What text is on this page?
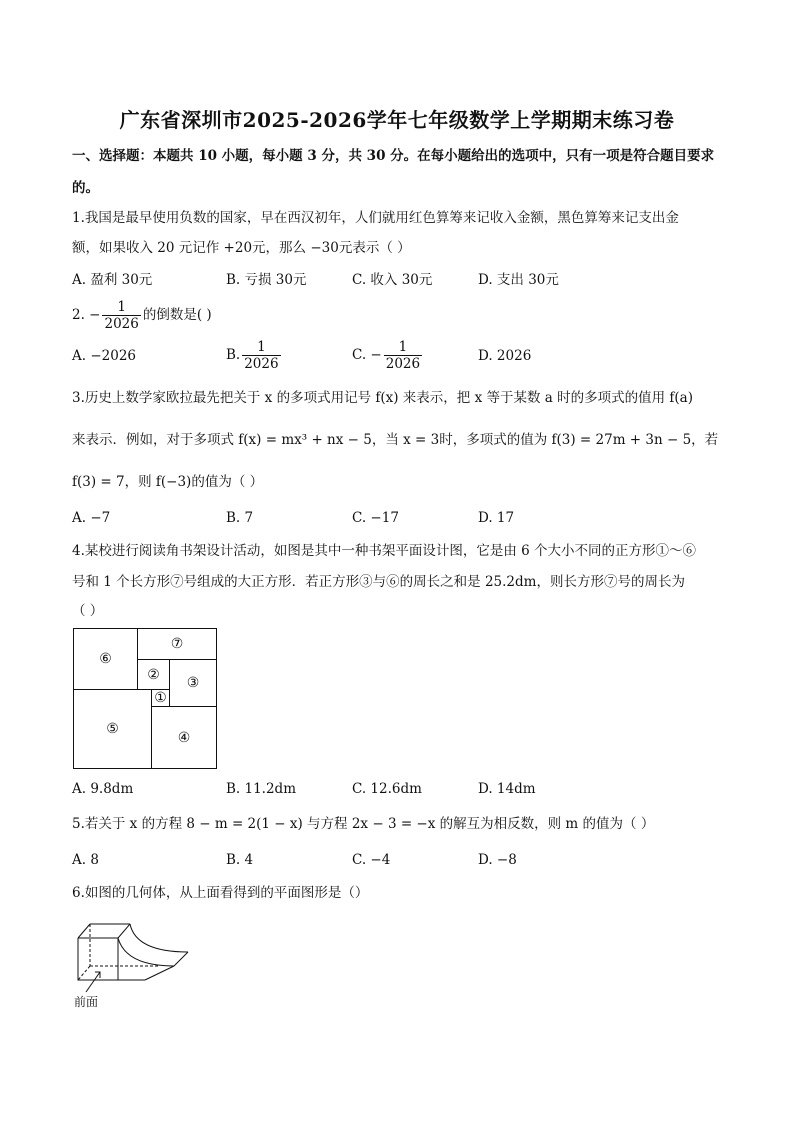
广东省深圳市2025-2026学年七年级数学上学期期末练习卷
一、选择题：本题共 10 小题，每小题 3 分，共 30 分。在每小题给出的选项中，只有一项是符合题目要求
的。
1.我国是最早使用负数的国家，早在西汉初年，人们就用红色算筹来记收入金额，黑色算筹来记支出金
额，如果收入 20 元记作 +20元，那么 −30元表示（ ）
A. 盈利 30元	B. 亏损 30元	C. 收入 30元	D. 支出 30元
2. − $\frac{1}{2026}$ 的倒数是( )
A. −2026	B. $\frac{1}{2026}$	C. − $\frac{1}{2026}$	D. 2026
3.历史上数学家欧拉最先把关于 x 的多项式用记号 f(x) 来表示，把 x 等于某数 a 时的多项式的值用 f(a)
来表示．例如，对于多项式 f(x) = mx³ + nx − 5，当 x = 3时，多项式的值为 f(3) = 27m + 3n − 5，若
f(3) = 7，则 f(−3)的值为（ ）
A. −7	B. 7	C. −17	D. 17
4.某校进行阅读角书架设计活动，如图是其中一种书架平面设计图，它是由 6 个大小不同的正方形①～⑥
号和 1 个长方形⑦号组成的大正方形．若正方形③与⑥的周长之和是 25.2dm，则长方形⑦号的周长为
（ ）
⑥
⑦
②
③
①
⑤
④
A. 9.8dm	B. 11.2dm	C. 12.6dm	D. 14dm
5.若关于 x 的方程 8 − m = 2(1 − x) 与方程 2x − 3 = −x 的解互为相反数，则 m 的值为（ ）
A. 8	B. 4	C. −4	D. −8
6.如图的几何体，从上面看得到的平面图形是（）
前面
